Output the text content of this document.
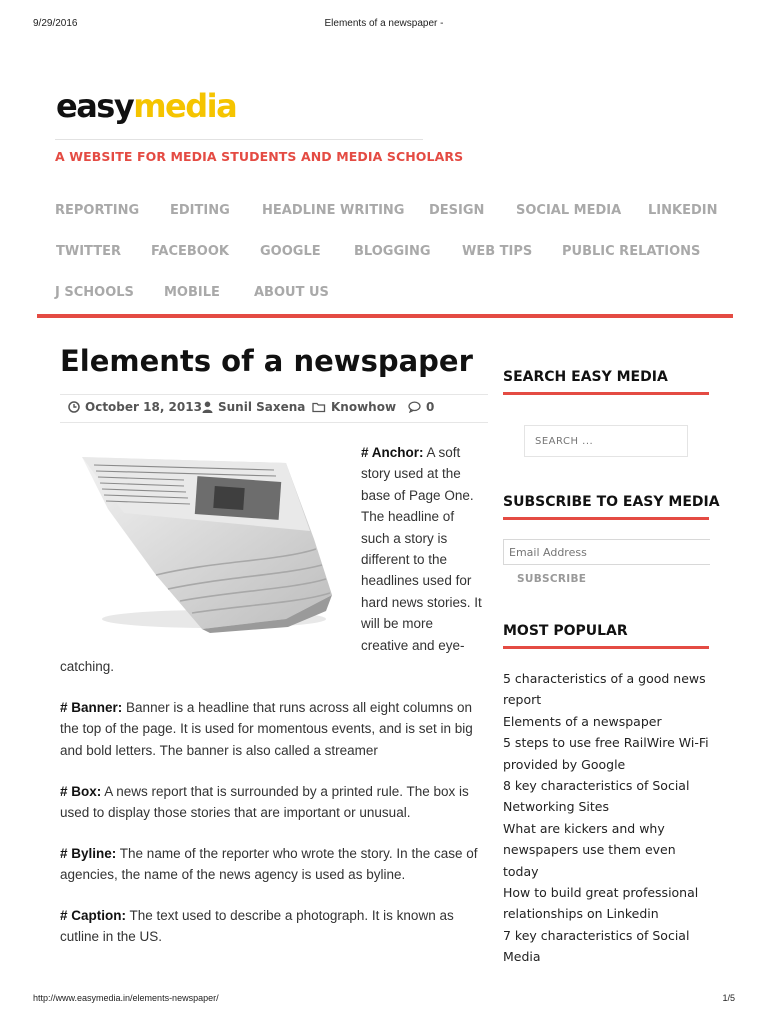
9/29/2016	Elements of a newspaper -
easymedia
A WEBSITE FOR MEDIA STUDENTS AND MEDIA SCHOLARS
REPORTING EDITING HEADLINE WRITING DESIGN SOCIAL MEDIA LINKEDIN
TWITTER FACEBOOK GOOGLE	BLOGGING WEB TIPS PUBLIC RELATIONS
J SCHOOLS MOBILE	ABOUT US
Elements of a newspaper
October 18, 2013 Sunil Saxena Knowhow 0
# Anchor: A soft
story used at the
base of Page One.
The headline of
such a story is
different to the
headlines used for
hard news stories. It
will be more
creative and eye-
catching.
# Banner: Banner is a headline that runs across all eight columns on the top of the page. It is used for momentous events, and is set in big and bold letters. The banner is also called a streamer
# Box: A news report that is surrounded by a printed rule. The box is used to display those stories that are important or unusual.
# Byline: The name of the reporter who wrote the story. In the case of agencies, the name of the news agency is used as byline.
# Caption: The text used to describe a photograph. It is known as cutline in the US.
SEARCH EASY MEDIA
SEARCH ...
SUBSCRIBE TO EASY MEDIA
Email Address
SUBSCRIBE
MOST POPULAR
5 characteristics of a good news report
Elements of a newspaper
5 steps to use free RailWire Wi-Fi provided by Google
8 key characteristics of Social Networking Sites
What are kickers and why newspapers use them even today
How to build great professional relationships on Linkedin
7 key characteristics of Social Media
http://www.easymedia.in/elements-newspaper/	1/5
